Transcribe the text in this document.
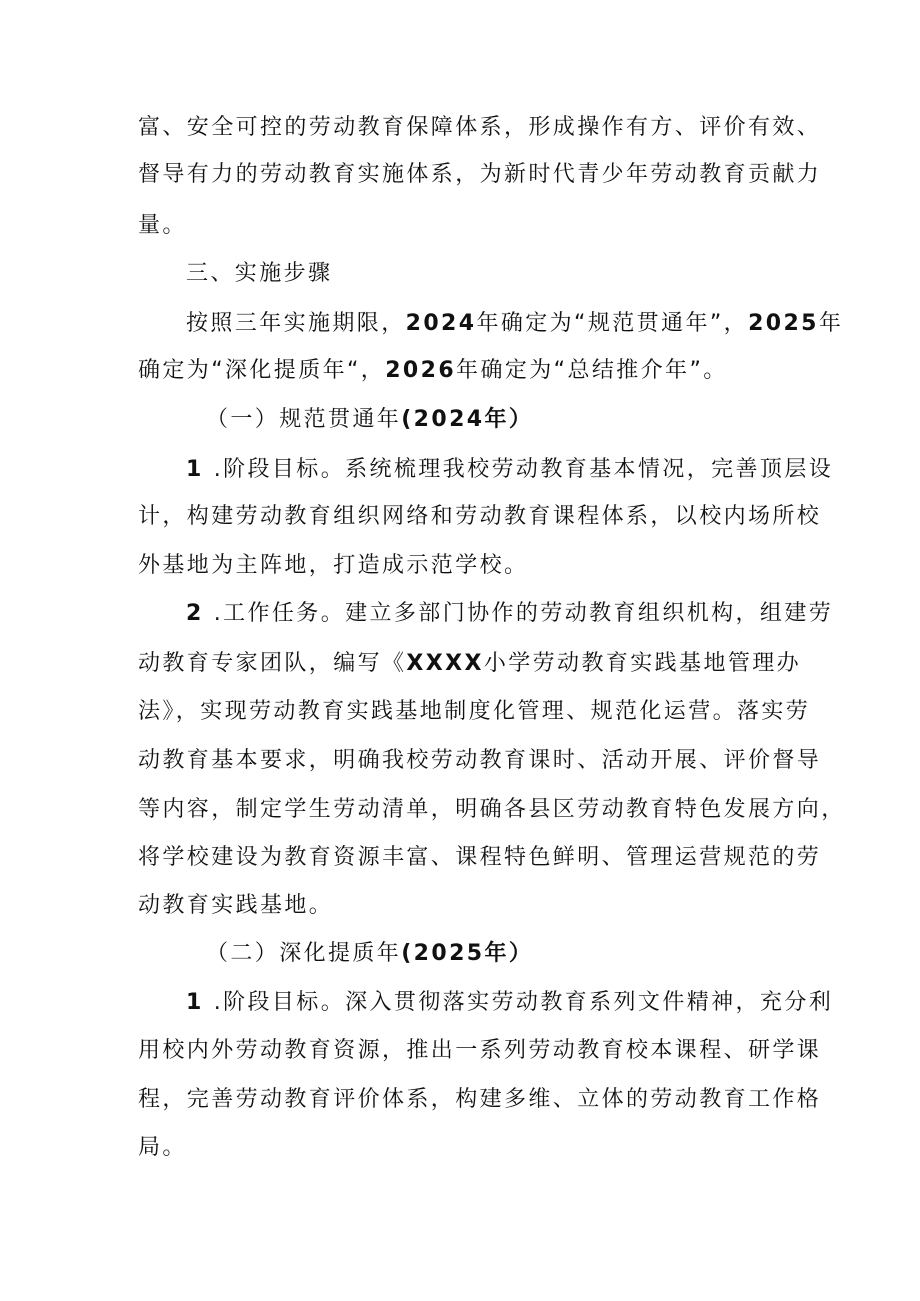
富、安全可控的劳动教育保障体系，形成操作有方、评价有效、
督导有力的劳动教育实施体系，为新时代青少年劳动教育贡献力
量。
三、实施步骤
按照三年实施期限，2024年确定为“规范贯通年”，2025年
确定为“深化提质年“，2026年确定为“总结推介年”。
（一）规范贯通年(2024年）
1 .阶段目标。系统梳理我校劳动教育基本情况，完善顶层设
计，构建劳动教育组织网络和劳动教育课程体系，以校内场所校
外基地为主阵地，打造成示范学校。
2 .工作任务。建立多部门协作的劳动教育组织机构，组建劳
动教育专家团队，编写《XXXX小学劳动教育实践基地管理办
法》，实现劳动教育实践基地制度化管理、规范化运营。落实劳
动教育基本要求，明确我校劳动教育课时、活动开展、评价督导
等内容，制定学生劳动清单，明确各县区劳动教育特色发展方向，
将学校建设为教育资源丰富、课程特色鲜明、管理运营规范的劳
动教育实践基地。
（二）深化提质年(2025年）
1 .阶段目标。深入贯彻落实劳动教育系列文件精神，充分利
用校内外劳动教育资源，推出一系列劳动教育校本课程、研学课
程，完善劳动教育评价体系，构建多维、立体的劳动教育工作格
局。
